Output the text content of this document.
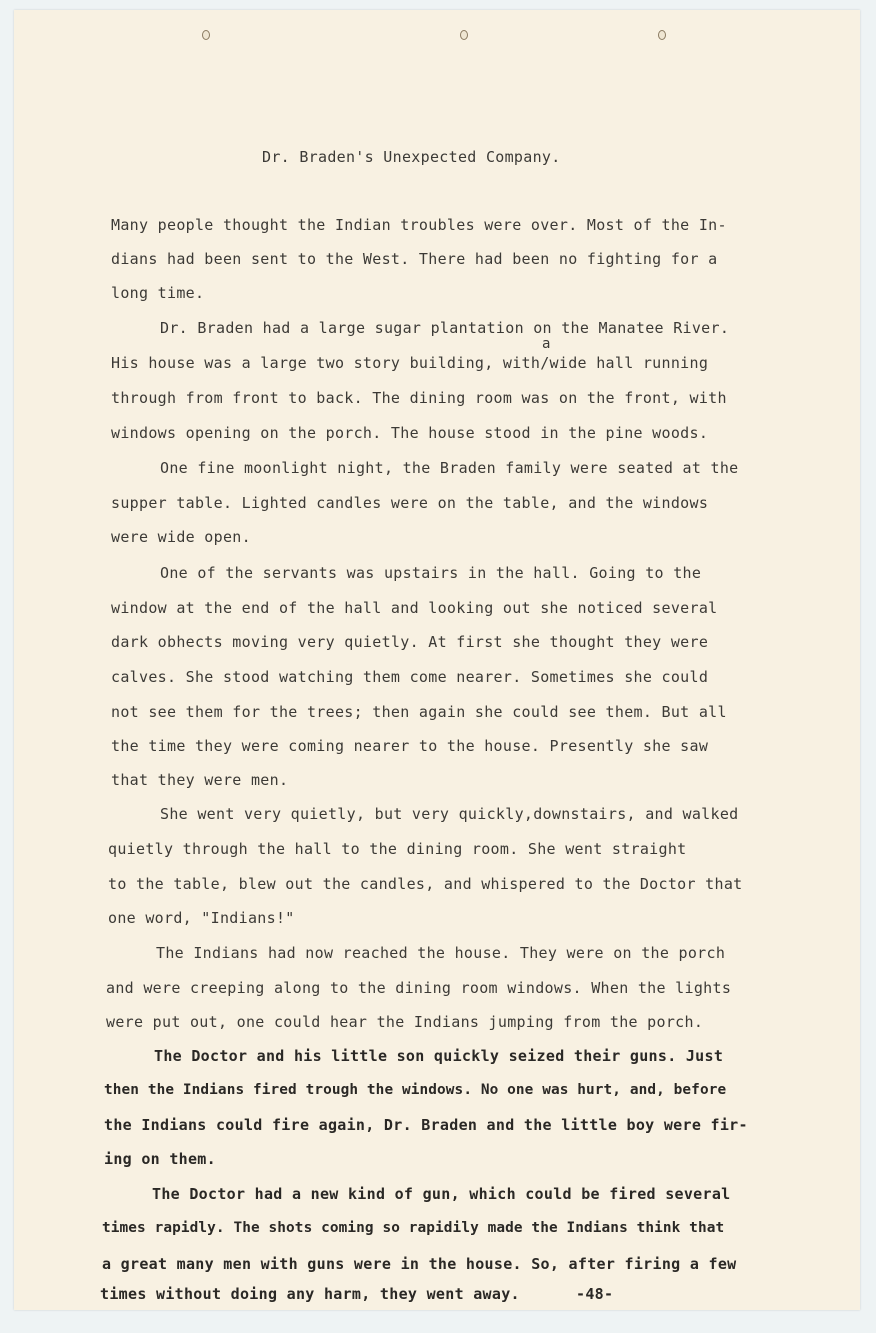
Dr. Braden's Unexpected Company.
a
Many people thought the Indian troubles were over. Most of the In-
dians had been sent to the West. There had been no fighting for a
long time.
Dr. Braden had a large sugar plantation on the Manatee River.
His house was a large two story building, with/wide hall running
through from front to back. The dining room was on the front, with
windows opening on the porch. The house stood in the pine woods.
One fine moonlight night, the Braden family were seated at the
supper table. Lighted candles were on the table, and the windows
were wide open.
One of the servants was upstairs in the hall. Going to the
window at the end of the hall and looking out she noticed several
dark obhects moving very quietly. At first she thought they were
calves. She stood watching them come nearer. Sometimes she could
not see them for the trees; then again she could see them. But all
the time they were coming nearer to the house. Presently she saw
that they were men.
She went very quietly, but very quickly,downstairs, and walked
quietly through the hall to the dining room. She went straight
to the table, blew out the candles, and whispered to the Doctor that
one word, "Indians!"
The Indians had now reached the house. They were on the porch
and were creeping along to the dining room windows. When the lights
were put out, one could hear the Indians jumping from the porch.
The Doctor and his little son quickly seized their guns. Just
then the Indians fired trough the windows. No one was hurt, and, before
the Indians could fire again, Dr. Braden and the little boy were fir-
ing on them.
The Doctor had a new kind of gun, which could be fired several
times rapidly. The shots coming so rapidily made the Indians think that
a great many men with guns were in the house. So, after firing a few
times without doing any harm, they went away.	-48-
